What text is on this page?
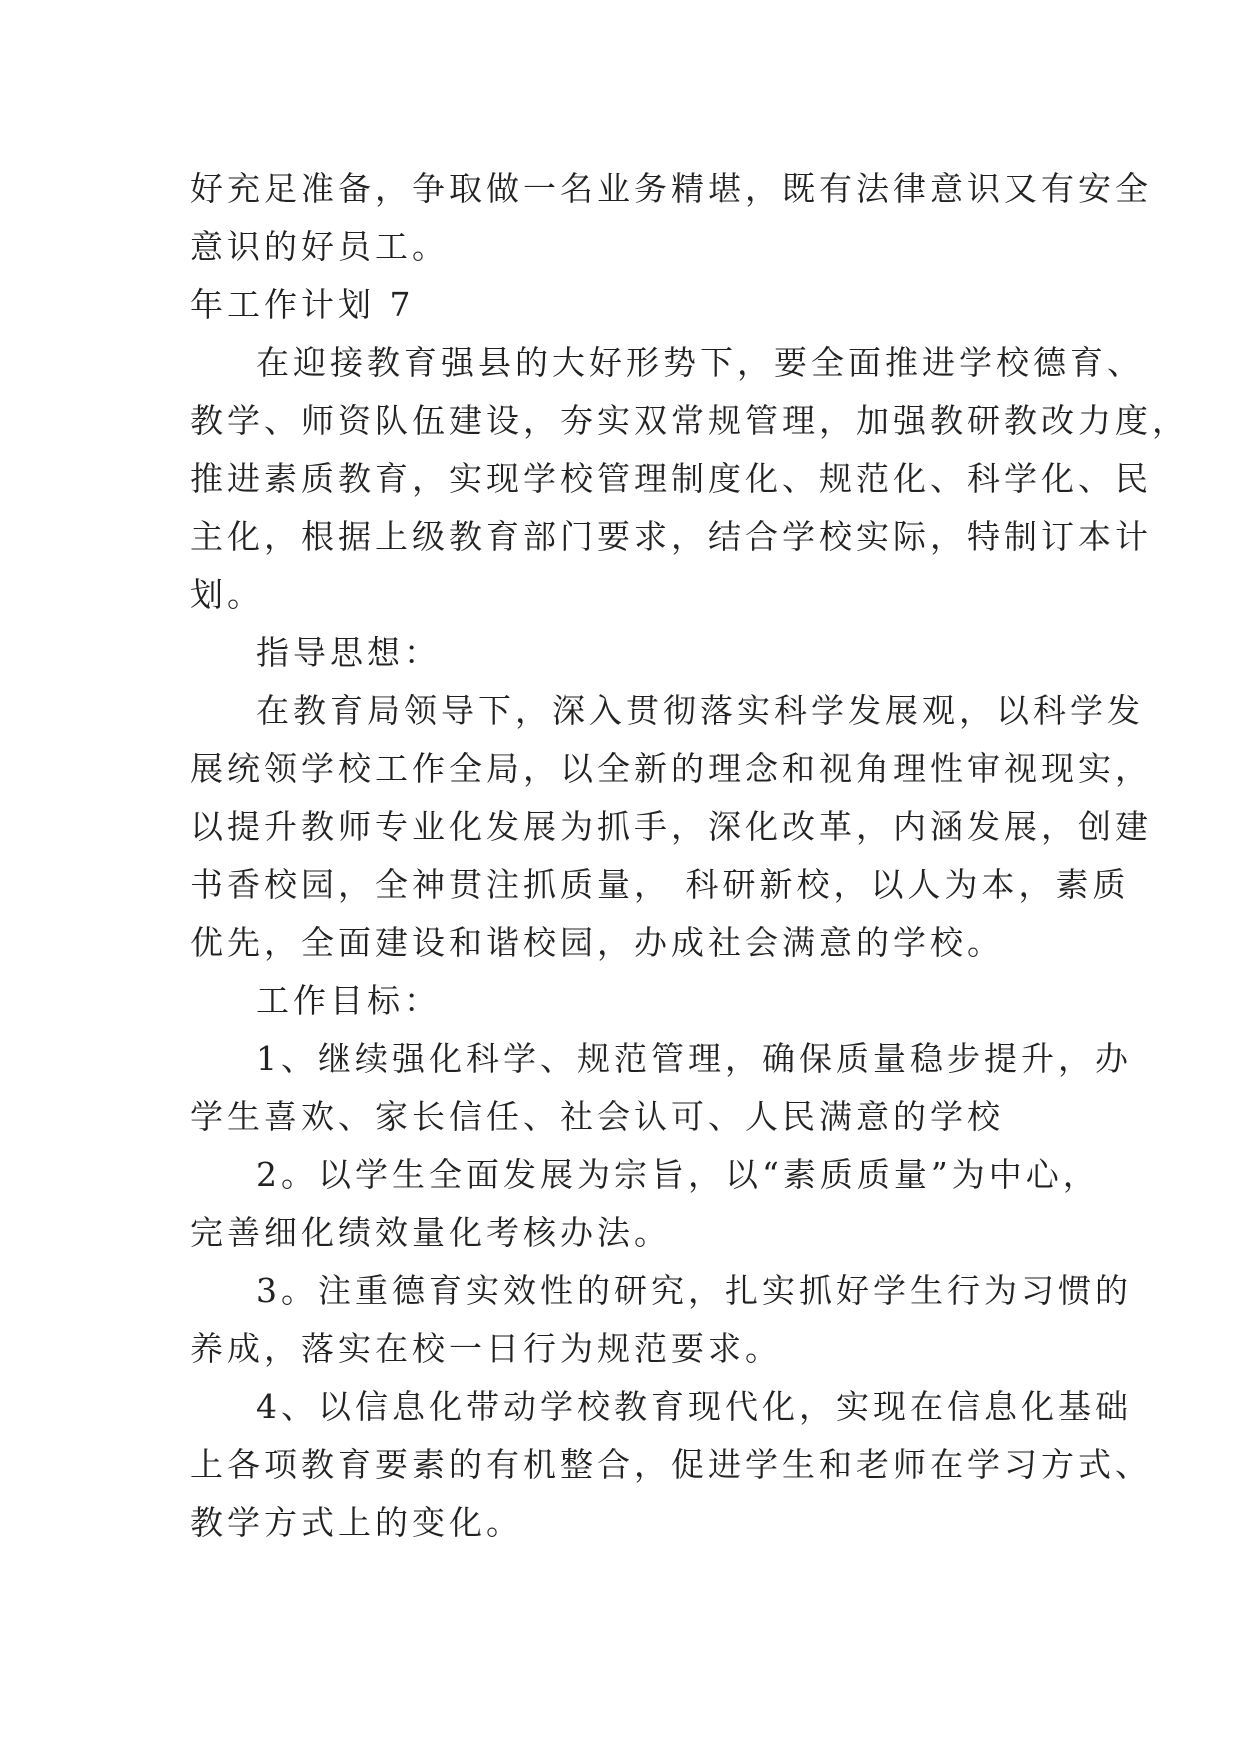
好充足准备，争取做一名业务精堪，既有法律意识又有安全
意识的好员工。
年工作计划 7
在迎接教育强县的大好形势下，要全面推进学校德育、
教学、师资队伍建设，夯实双常规管理，加强教研教改力度，
推进素质教育，实现学校管理制度化、规范化、科学化、民
主化，根据上级教育部门要求，结合学校实际，特制订本计
划。
指导思想：
在教育局领导下，深入贯彻落实科学发展观，以科学发
展统领学校工作全局，以全新的理念和视角理性审视现实，
以提升教师专业化发展为抓手，深化改革，内涵发展，创建
书香校园，全神贯注抓质量， 科研新校，以人为本，素质
优先，全面建设和谐校园，办成社会满意的学校。
工作目标：
1、继续强化科学、规范管理，确保质量稳步提升，办
学生喜欢、家长信任、社会认可、人民满意的学校
2。以学生全面发展为宗旨，以“素质质量”为中心，
完善细化绩效量化考核办法。
3。注重德育实效性的研究，扎实抓好学生行为习惯的
养成，落实在校一日行为规范要求。
4、以信息化带动学校教育现代化，实现在信息化基础
上各项教育要素的有机整合，促进学生和老师在学习方式、
教学方式上的变化。
